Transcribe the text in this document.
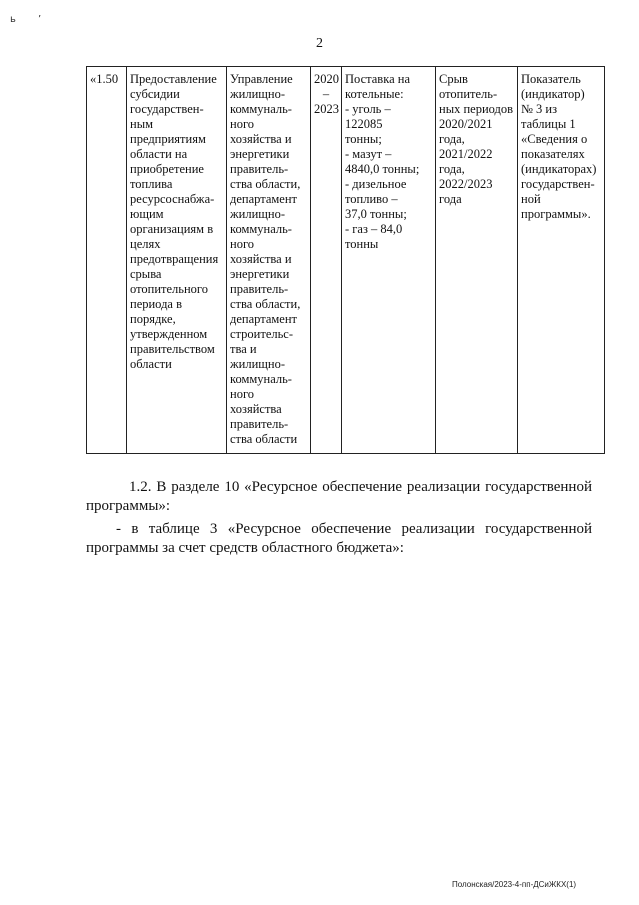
ь ’
2
«1.50	Предоставление
субсидии
государствен-
ным
предприятиям
области на
приобретение
топлива
ресурсоснабжа-
ющим
организациям в
целях
предотвращения
срыва
отопительного
периода в
порядке,
утвержденном
правительством
области	Управление
жилищно-
коммуналь-
ного
хозяйства и
энергетики
правитель-
ства области,
департамент
жилищно-
коммуналь-
ного
хозяйства и
энергетики
правитель-
ства области,
департамент
строительс-
тва и
жилищно-
коммуналь-
ного
хозяйства
правитель-
ства области	2020
–
2023	Поставка на
котельные:
- уголь –
122085
тонны;
- мазут –
4840,0 тонны;
- дизельное
топливо –
37,0 тонны;
- газ – 84,0
тонны	Срыв
отопитель-
ных периодов
2020/2021
года,
2021/2022
года,
2022/2023
года	Показатель
(индикатор)
№ 3 из
таблицы 1
«Сведения о
показателях
(индикаторах)
государствен-
ной
программы».

1.2. В разделе 10 «Ресурсное обеспечение реализации государственной программы»:

- в таблице 3 «Ресурсное обеспечение реализации государственной программы за счет средств областного бюджета»:

Полонская/2023-4-пп-ДСиЖКХ(1)
